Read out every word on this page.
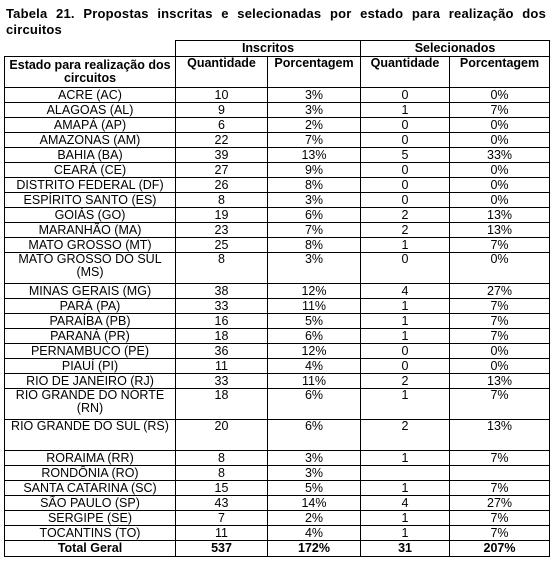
Tabela 21. Propostas inscritas e selecionadas por estado para realização dos circuitos
	Inscritos		Selecionados	
Estado para realização dos circuitos	Quantidade	Porcentagem	Quantidade	Porcentagem
ACRE (AC)	10	3%	0	0%
ALAGOAS (AL)	9	3%	1	7%
AMAPÁ (AP)	6	2%	0	0%
AMAZONAS (AM)	22	7%	0	0%
BAHIA (BA)	39	13%	5	33%
CEARÁ (CE)	27	9%	0	0%
DISTRITO FEDERAL (DF)	26	8%	0	0%
ESPÍRITO SANTO (ES)	8	3%	0	0%
GOIÁS (GO)	19	6%	2	13%
MARANHÃO (MA)	23	7%	2	13%
MATO GROSSO (MT)	25	8%	1	7%
MATO GROSSO DO SUL (MS)	8	3%	0	0%
MINAS GERAIS (MG)	38	12%	4	27%
PARÁ (PA)	33	11%	1	7%
PARAÍBA (PB)	16	5%	1	7%
PARANÁ (PR)	18	6%	1	7%
PERNAMBUCO (PE)	36	12%	0	0%
PIAUÍ (PI)	11	4%	0	0%
RIO DE JANEIRO (RJ)	33	11%	2	13%
RIO GRANDE DO NORTE (RN)	18	6%	1	7%
RIO GRANDE DO SUL (RS)	20	6%	2	13%
RORAIMA (RR)	8	3%	1	7%
RONDÔNIA (RO)	8	3%		
SANTA CATARINA (SC)	15	5%	1	7%
SÃO PAULO (SP)	43	14%	4	27%
SERGIPE (SE)	7	2%	1	7%
TOCANTINS (TO)	11	4%	1	7%
Total Geral	537	172%	31	207%
